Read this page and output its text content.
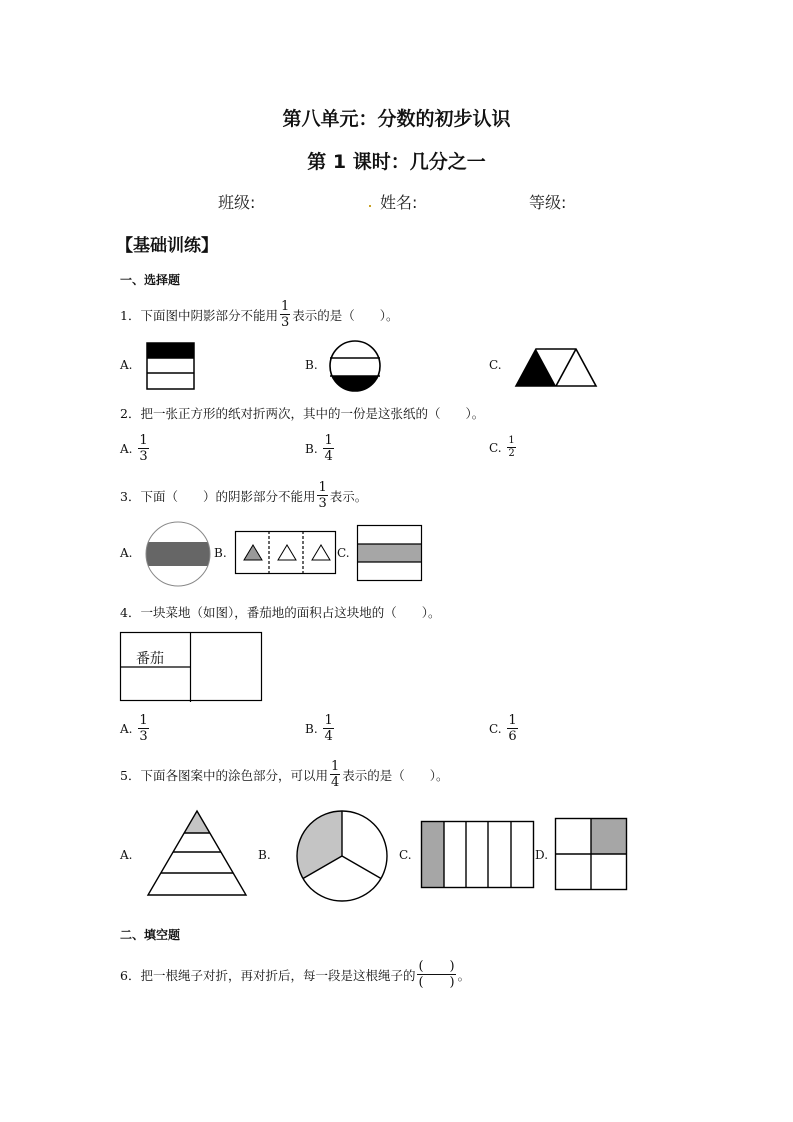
第八单元：分数的初步认识
第 1 课时：几分之一
班级:	姓名:	等级:
【基础训练】
一、选择题
1．下面图中阴影部分不能用 $\frac{1}{3}$ 表示的是（　　）。
A.	B.	C.
2．把一张正方形的纸对折两次，其中的一份是这张纸的（　　）。
A.
$\frac{1}{3}$	B.
$\frac{1}{4}$	C.
$\frac{1}{2}$
3．下面（　　）的阴影部分不能用 $\frac{1}{3}$ 表示。
A.	B.	C.
4．一块菜地（如图），番茄地的面积占这块地的（　　）。
番茄
A.
$\frac{1}{3}$	B.
$\frac{1}{4}$	C.
$\frac{1}{6}$
5．下面各图案中的涂色部分，可以用 $\frac{1}{4}$ 表示的是（　　）。
A.	B.	C.	D.
二、填空题
6．把一根绳子对折，再对折后，每一段是这根绳子的 $\frac{( )}{( )}$ 。
